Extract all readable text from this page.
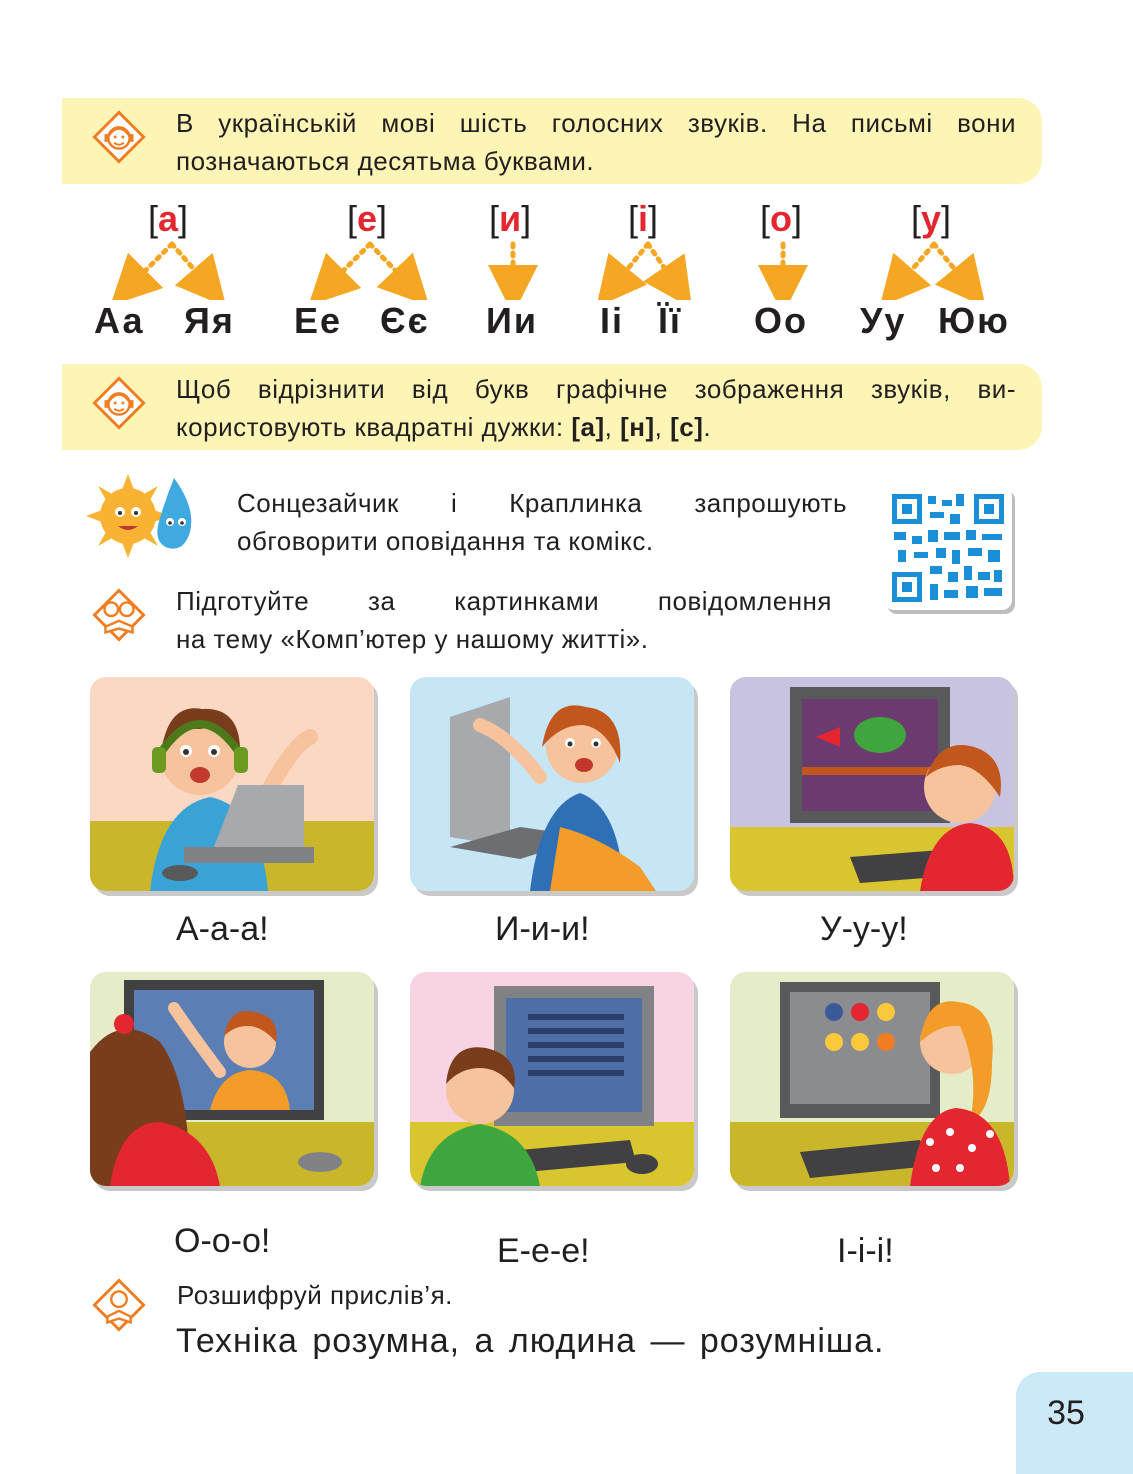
В українській мові шість голосних звуків. На письмі вони
позначаються десятьма буквами.
[а]	[е]	[и]	[і]	[о]	[у]
Аа Яя Ее Єє Ии Іі Її Оо Уу Юю
Щоб відрізнити від букв графічне зображення звуків, ви-
користовують квадратні дужки: [а], [н], [с].
Сонцезайчик і Краплинка запрошують
обговорити оповідання та комікс.
Підготуйте за картинками повідомлення
на тему «Комп’ютер у нашому житті».
А-а-а!	И-и-и!	У-у-у!
О-о-о!	Е-е-е!	І-і-і!
Розшифруй прислів’я.
Техніка розумна, а людина — розумніша.
35
